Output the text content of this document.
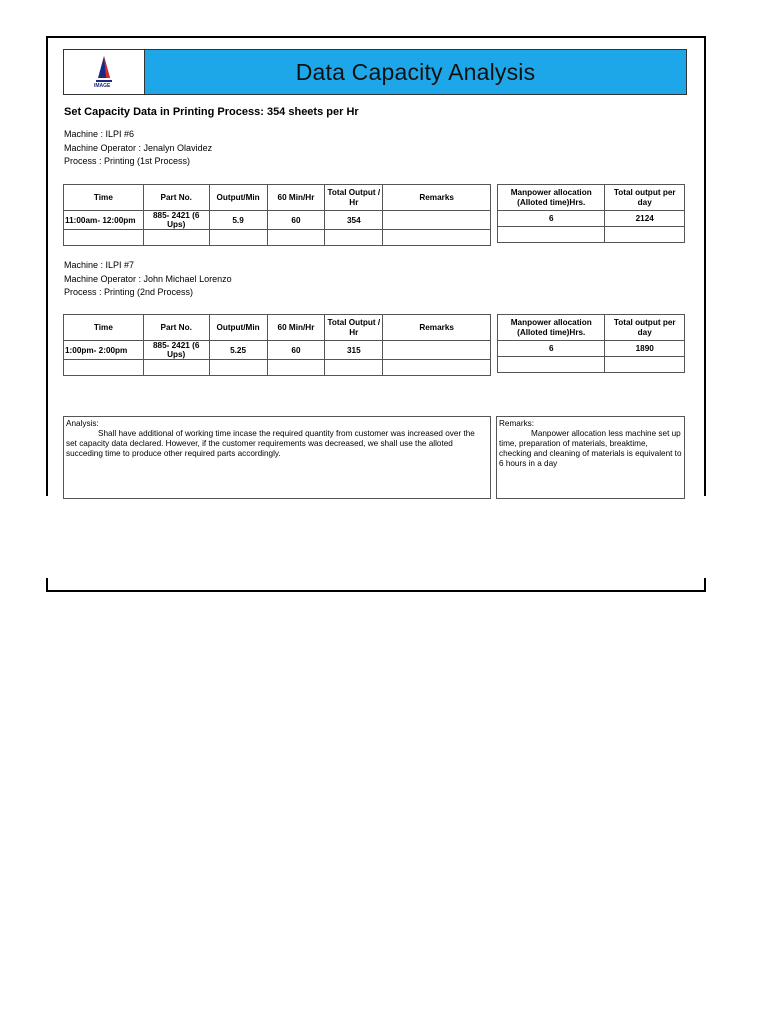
IMAGE
Data Capacity Analysis
Set Capacity Data in Printing Process: 354 sheets per Hr
Machine : ILPI #6
Machine Operator : Jenalyn Olavidez
Process : Printing (1st Process)
Time	Part No.	Output/Min	60 Min/Hr	Total Output / Hr	Remarks
11:00am- 12:00pm	885- 2421 (6 Ups)	5.9	60	354	

Manpower allocation (Alloted time)Hrs.	Total output per day
6	2124

Machine : ILPI #7
Machine Operator : John Michael Lorenzo
Process : Printing (2nd Process)
Time	Part No.	Output/Min	60 Min/Hr	Total Output / Hr	Remarks
1:00pm- 2:00pm	885- 2421 (6 Ups)	5.25	60	315	

Manpower allocation (Alloted time)Hrs.	Total output per day
6	1890

Analysis:
Shall have additional of working time incase the required quantity from customer was increased over the set capacity data declared. However, if the customer requirements was decreased, we shall use the alloted succeding time to produce other required parts accordingly.
Remarks:
Manpower allocation less machine set up time, preparation of materials, breaktime, checking and cleaning of materials is equivalent to 6 hours in a day
